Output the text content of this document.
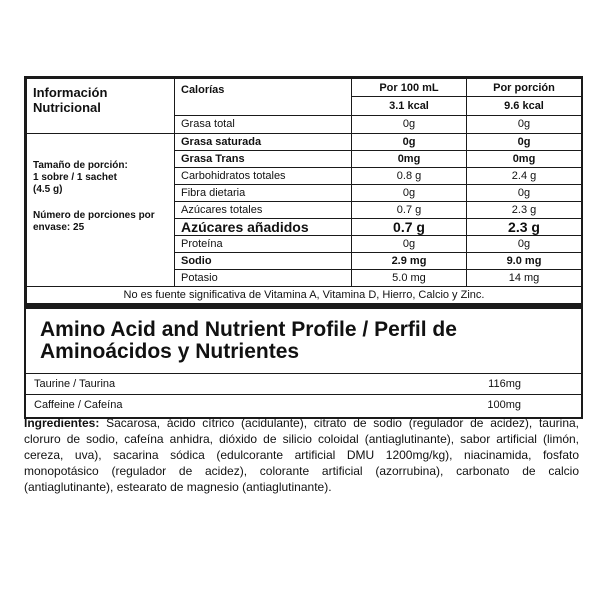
Información Nutricional	Calorías	Por 100 mL	Por porción
		3.1 kcal	9.6 kcal
	Grasa total	0g	0g

Tamaño de porción:
1 sobre / 1 sachet
(4.5 g)
Número de porciones por envase: 25	Grasa saturada	0g	0g
	Grasa Trans	0mg	0mg
	Carbohidratos totales	0.8 g	2.4 g
	Fibra dietaria	0g	0g
	Azúcares totales	0.7 g	2.3 g
	Azúcares añadidos	0.7 g	2.3 g
	Proteína	0g	0g
	Sodio	2.9 mg	9.0 mg
	Potasio	5.0 mg	14 mg
No es fuente significativa de Vitamina A, Vitamina D, Hierro, Calcio y Zinc.			
Amino Acid and Nutrient Profile / Perfil de Aminoácidos y Nutrientes
Taurine / Taurina	116mg
Caffeine / Cafeína	100mg
Ingredientes: Sacarosa, ácido cítrico (acidulante), citrato de sodio (regulador de acidez), taurina, cloruro de sodio, cafeína anhidra, dióxido de silicio coloidal (antiaglutinante), sabor artificial (limón, cereza, uva), sacarina sódica (edulcorante artificial DMU 1200mg/kg), niacinamida, fosfato monopotásico (regulador de acidez), colorante artificial (azorrubina), carbonato de calcio (antiaglutinante), estearato de magnesio (antiaglutinante).
